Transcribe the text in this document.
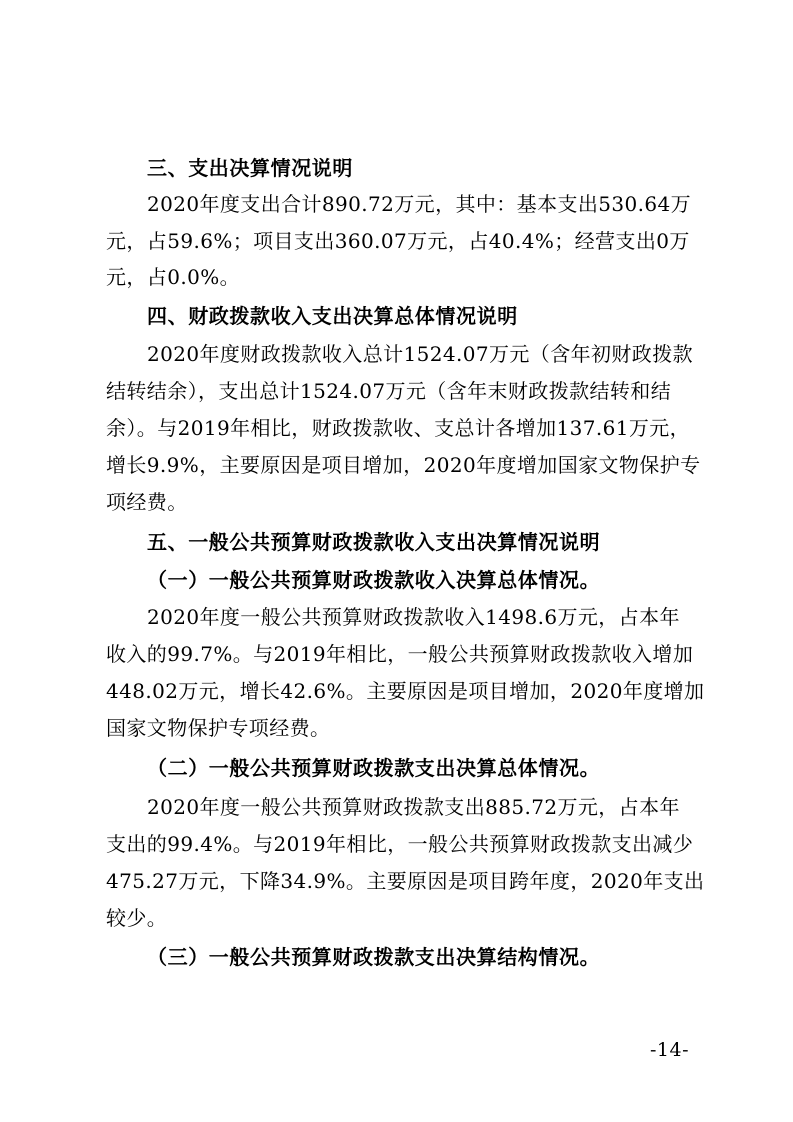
三、支出决算情况说明
2020年度支出合计890.72万元，其中：基本支出530.64万
元，占59.6%；项目支出360.07万元，占40.4%；经营支出0万
元，占0.0%。
四、财政拨款收入支出决算总体情况说明
2020年度财政拨款收入总计1524.07万元（含年初财政拨款
结转结余），支出总计1524.07万元（含年末财政拨款结转和结
余）。与2019年相比，财政拨款收、支总计各增加137.61万元，
增长9.9%，主要原因是项目增加，2020年度增加国家文物保护专
项经费。
五、一般公共预算财政拨款收入支出决算情况说明
（一）一般公共预算财政拨款收入决算总体情况。
2020年度一般公共预算财政拨款收入1498.6万元，占本年
收入的99.7%。与2019年相比，一般公共预算财政拨款收入增加
448.02万元，增长42.6%。主要原因是项目增加，2020年度增加
国家文物保护专项经费。
（二）一般公共预算财政拨款支出决算总体情况。
2020年度一般公共预算财政拨款支出885.72万元，占本年
支出的99.4%。与2019年相比，一般公共预算财政拨款支出减少
475.27万元，下降34.9%。主要原因是项目跨年度，2020年支出
较少。
（三）一般公共预算财政拨款支出决算结构情况。
-14-
